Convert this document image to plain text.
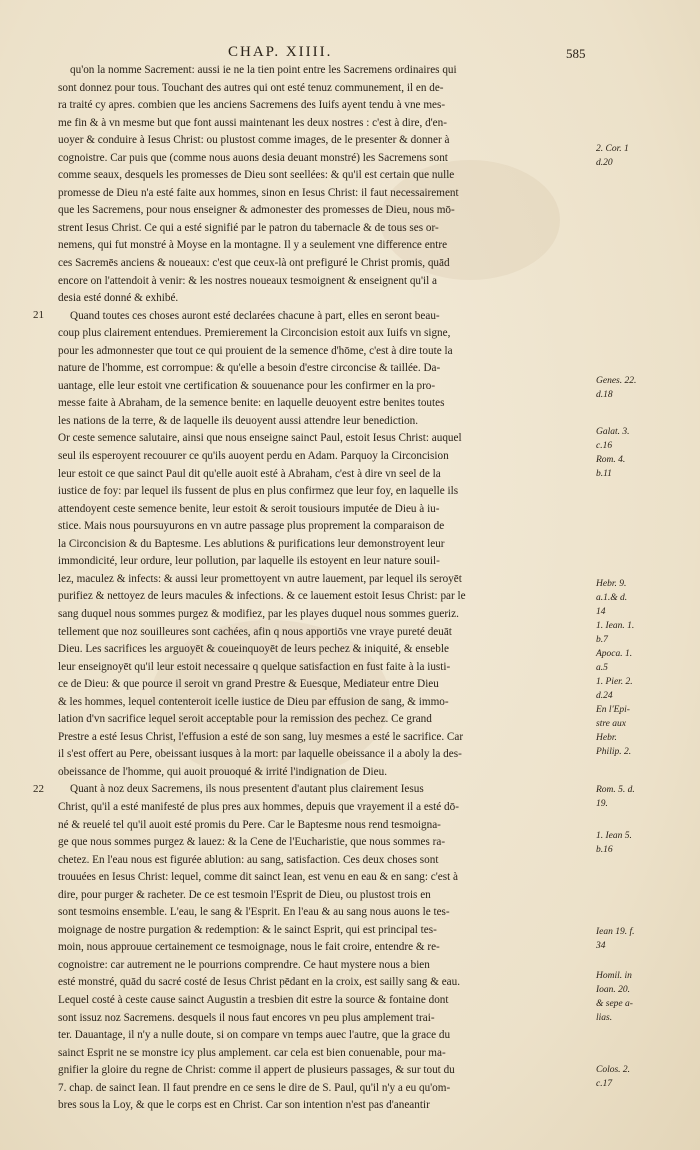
CHAP. XIIII.	585
21
22
qu'on la nomme Sacrement: aussi ie ne la tien point entre les Sacremens ordinaires qui
sont donnez pour tous. Touchant des autres qui ont esté tenuz communement, il en de-
ra traité cy apres. combien que les anciens Sacremens des Iuifs ayent tendu à vne mes-
me fin & à vn mesme but que font aussi maintenant les deux nostres : c'est à dire, d'en-
uoyer & conduire à Iesus Christ: ou plustost comme images, de le presenter & donner à
cognoistre. Car puis que (comme nous auons desia deuant monstré) les Sacremens sont
comme seaux, desquels les promesses de Dieu sont seellées: & qu'il est certain que nulle
promesse de Dieu n'a esté faite aux hommes, sinon en Iesus Christ: il faut necessairement
que les Sacremens, pour nous enseigner & admonester des promesses de Dieu, nous mō-
strent Iesus Christ. Ce qui a esté signifié par le patron du tabernacle & de tous ses or-
nemens, qui fut monstré à Moyse en la montagne. Il y a seulement vne difference entre
ces Sacremēs anciens & noueaux: c'est que ceux-là ont prefiguré le Christ promis, quād
encore on l'attendoit à venir: & les nostres noueaux tesmoignent & enseignent qu'il a
desia esté donné & exhibé.
Quand toutes ces choses auront esté declarées chacune à part, elles en seront beau-
coup plus clairement entendues. Premierement la Circoncision estoit aux Iuifs vn signe,
pour les admonnester que tout ce qui prouient de la semence d'hōme, c'est à dire toute la
nature de l'homme, est corrompue: & qu'elle a besoin d'estre circoncise & taillée. Da-
uantage, elle leur estoit vne certification & souuenance pour les confirmer en la pro-
messe faite à Abraham, de la semence benite: en laquelle deuoyent estre benites toutes
les nations de la terre, & de laquelle ils deuoyent aussi attendre leur benediction.
Or ceste semence salutaire, ainsi que nous enseigne sainct Paul, estoit Iesus Christ: auquel
seul ils esperoyent recouurer ce qu'ils auoyent perdu en Adam. Parquoy la Circoncision
leur estoit ce que sainct Paul dit qu'elle auoit esté à Abraham, c'est à dire vn seel de la
iustice de foy: par lequel ils fussent de plus en plus confirmez que leur foy, en laquelle ils
attendoyent ceste semence benite, leur estoit & seroit tousiours imputée de Dieu à iu-
stice. Mais nous poursuyurons en vn autre passage plus proprement la comparaison de
la Circoncision & du Baptesme. Les ablutions & purifications leur demonstroyent leur
immondicité, leur ordure, leur pollution, par laquelle ils estoyent en leur nature souil-
lez, maculez & infects: & aussi leur promettoyent vn autre lauement, par lequel ils seroyēt
purifiez & nettoyez de leurs macules & infections. & ce lauement estoit Iesus Christ: par le
sang duquel nous sommes purgez & modifiez, par les playes duquel nous sommes gueriz.
tellement que noz souilleures sont cachées, afin q nous apportiōs vne vraye pureté deuāt
Dieu. Les sacrifices les arguoyēt & coueinquoyēt de leurs pechez & iniquité, & enseble
leur enseignoyēt qu'il leur estoit necessaire q quelque satisfaction en fust faite à la iusti-
ce de Dieu: & que pource il seroit vn grand Prestre & Euesque, Mediateur entre Dieu
& les hommes, lequel contenteroit icelle iustice de Dieu par effusion de sang, & immo-
lation d'vn sacrifice lequel seroit acceptable pour la remission des pechez. Ce grand
Prestre a esté Iesus Christ, l'effusion a esté de son sang, luy mesmes a esté le sacrifice. Car
il s'est offert au Pere, obeissant iusques à la mort: par laquelle obeissance il a aboly la des-
obeissance de l'homme, qui auoit prouoqué & irrité l'indignation de Dieu.
Quant à noz deux Sacremens, ils nous presentent d'autant plus clairement Iesus
Christ, qu'il a esté manifesté de plus pres aux hommes, depuis que vrayement il a esté dō-
né & reuelé tel qu'il auoit esté promis du Pere. Car le Baptesme nous rend tesmoigna-
ge que nous sommes purgez & lauez: & la Cene de l'Eucharistie, que nous sommes ra-
chetez. En l'eau nous est figurée ablution: au sang, satisfaction. Ces deux choses sont
trouuées en Iesus Christ: lequel, comme dit sainct Iean, est venu en eau & en sang: c'est à
dire, pour purger & racheter. De ce est tesmoin l'Esprit de Dieu, ou plustost trois en
sont tesmoins ensemble. L'eau, le sang & l'Esprit. En l'eau & au sang nous auons le tes-
moignage de nostre purgation & redemption: & le sainct Esprit, qui est principal tes-
moin, nous approuue certainement ce tesmoignage, nous le fait croire, entendre & re-
cognoistre: car autrement ne le pourrions comprendre. Ce haut mystere nous a bien
esté monstré, quād du sacré costé de Iesus Christ pēdant en la croix, est sailly sang & eau.
Lequel costé à ceste cause sainct Augustin a tresbien dit estre la source & fontaine dont
sont issuz noz Sacremens. desquels il nous faut encores vn peu plus amplement trai-
ter. Dauantage, il n'y a nulle doute, si on compare vn temps auec l'autre, que la grace du
sainct Esprit ne se monstre icy plus amplement. car cela est bien conuenable, pour ma-
gnifier la gloire du regne de Christ: comme il appert de plusieurs passages, & sur tout du
7. chap. de sainct Iean. Il faut prendre en ce sens le dire de S. Paul, qu'il n'y a eu qu'om-
bres sous la Loy, & que le corps est en Christ. Car son intention n'est pas d'aneantir
2. Cor. 1
d.20
Genes. 22.
d.18
Galat. 3.
c.16
Rom. 4.
b.11
Hebr. 9.
a.1.& d.
14
1. Iean. 1.
b.7
Apoca. 1.
a.5
1. Pier. 2.
d.24
En l'Epi-
stre aux
Hebr.
Philip. 2.
Rom. 5. d.
19.
1. Iean 5.
b.16
Iean 19. f.
34
Homil. in
Ioan. 20.
& sepe a-
lias.
Colos. 2.
c.17
